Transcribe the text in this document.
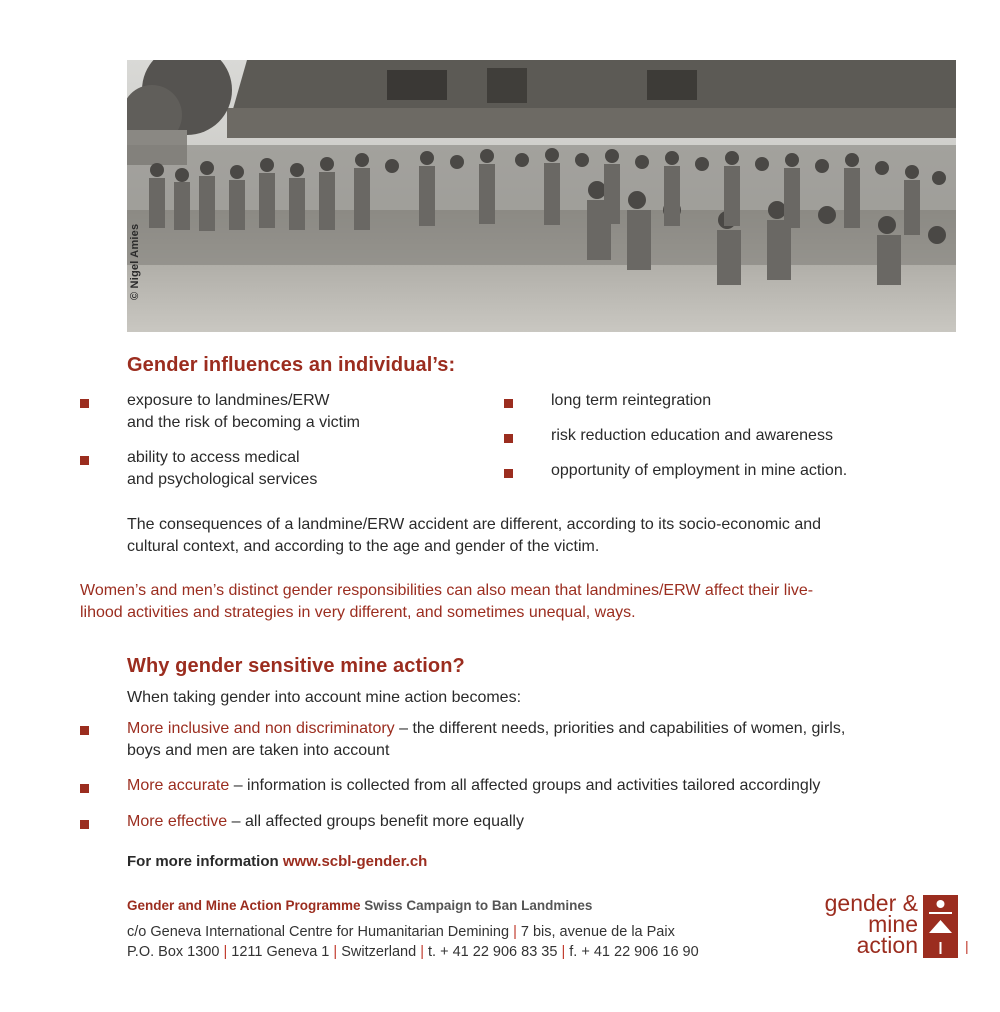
© Nigel Amies
Gender influences an individual’s:
exposure to landmines/ERW
and the risk of becoming a victim
ability to access medical
and psychological services
long term reintegration
risk reduction education and awareness
opportunity of employment in mine action.
The consequences of a landmine/ERW accident are different, according to its socio-economic and
cultural context, and according to the age and gender of the victim.
Women’s and men’s distinct gender responsibilities can also mean that landmines/ERW affect their live-
lihood activities and strategies in very different, and sometimes unequal, ways.
Why gender sensitive mine action?
When taking gender into account mine action becomes:
More inclusive and non discriminatory – the different needs, priorities and capabilities of women, girls,
boys and men are taken into account
More accurate – information is collected from all affected groups and activities tailored accordingly
More effective – all affected groups benefit more equally
For more information www.scbl-gender.ch
Gender and Mine Action Programme Swiss Campaign to Ban Landmines
c/o Geneva International Centre for Humanitarian Demining | 7 bis, avenue de la Paix
P.O. Box 1300 | 1211 Geneva 1 | Switzerland | t. + 41 22 906 83 35 | f. + 41 22 906 16 90
gender &
mine
action	|
